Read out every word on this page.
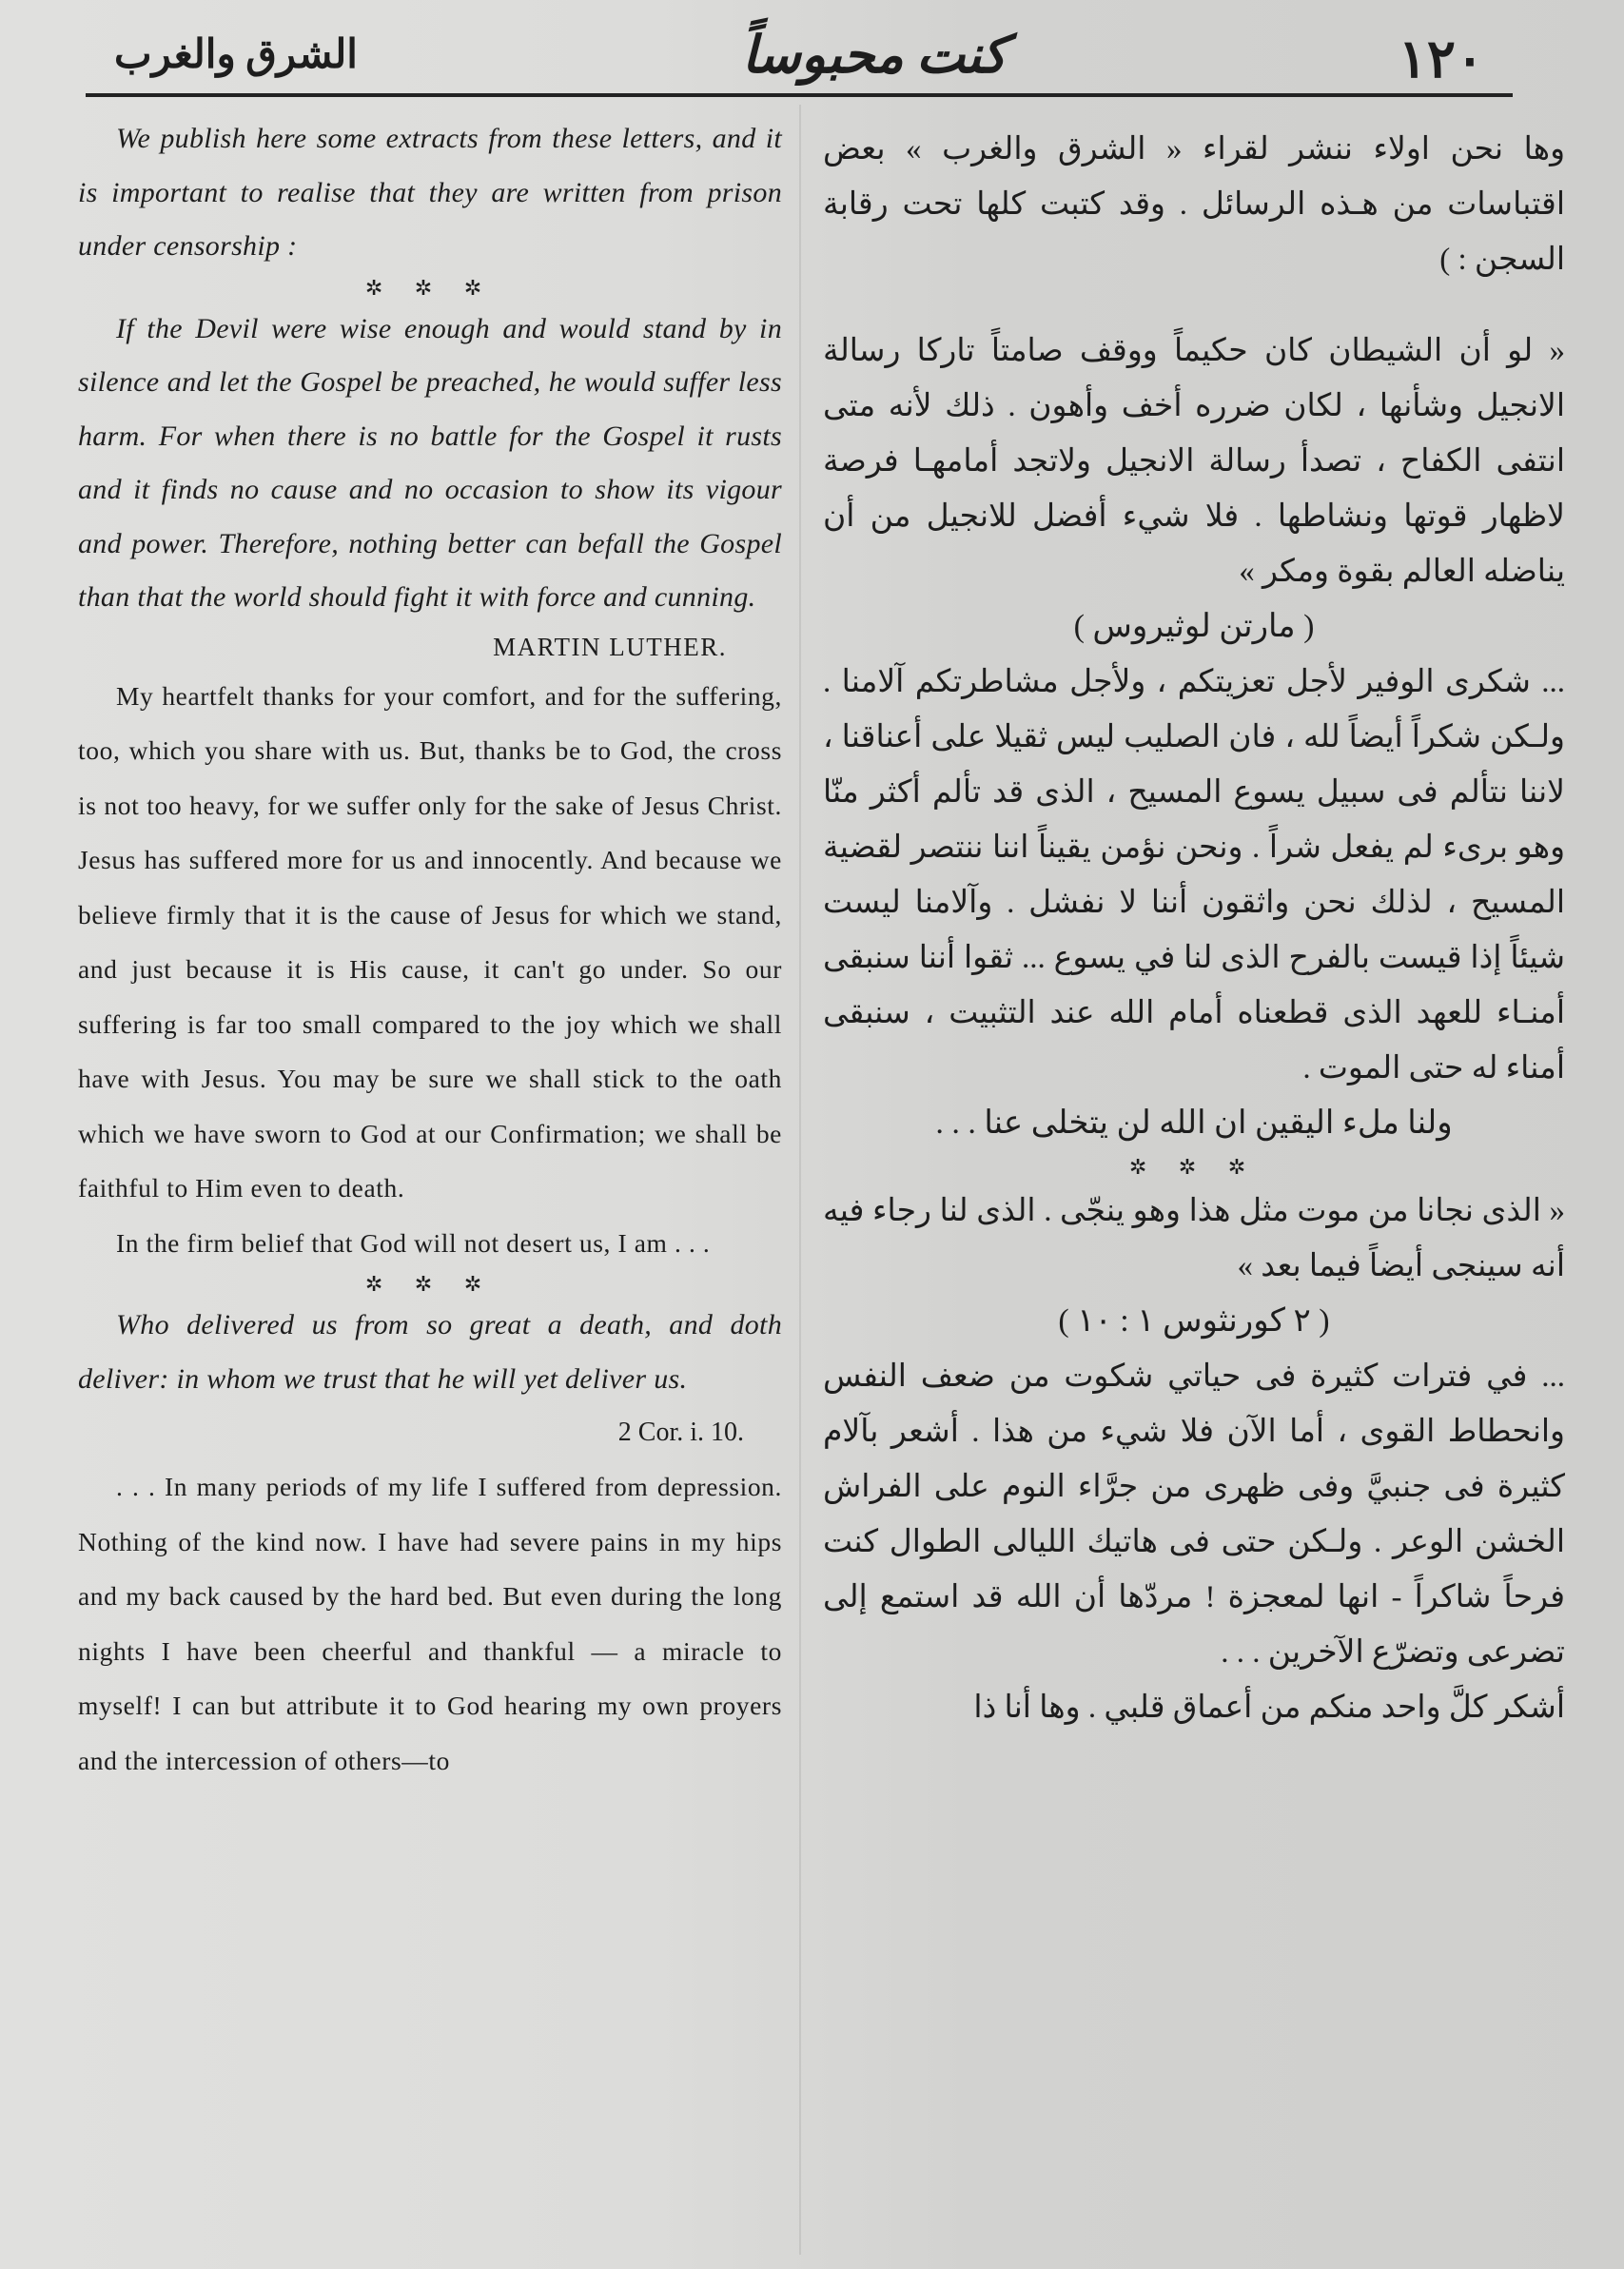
الشرق والغرب	كنت محبوساً	١٢٠

We publish here some extracts from these letters, and it is important to realise that they are written from prison under censorship :

✲ ✲ ✲

If the Devil were wise enough and would stand by in silence and let the Gospel be preached, he would suffer less harm. For when there is no battle for the Gospel it rusts and it finds no cause and no occasion to show its vigour and power. Therefore, nothing better can befall the Gospel than that the world should fight it with force and cunning.

MARTIN LUTHER.

My heartfelt thanks for your comfort, and for the suffering, too, which you share with us. But, thanks be to God, the cross is not too heavy, for we suffer only for the sake of Jesus Christ. Jesus has suffered more for us and innocently. And because we believe firmly that it is the cause of Jesus for which we stand, and just because it is His cause, it can't go under. So our suffering is far too small compared to the joy which we shall have with Jesus. You may be sure we shall stick to the oath which we have sworn to God at our Confirmation; we shall be faithful to Him even to death.

In the firm belief that God will not desert us, I am . . .

✲ ✲ ✲

Who delivered us from so great a death, and doth deliver: in whom we trust that he will yet deliver us.

2 Cor. i. 10.

. . . In many periods of my life I suffered from depression. Nothing of the kind now. I have had severe pains in my hips and my back caused by the hard bed. But even during the long nights I have been cheerful and thankful — a miracle to myself! I can but attribute it to God hearing my own proyers and the intercession of others—to

وها نحن اولاء ننشر لقراء « الشرق والغرب » بعض اقتباسات من هـذه الرسائل . وقد كتبت كلها تحت رقابة السجن : )

« لو أن الشيطان كان حكيماً ووقف صامتاً تاركا رسالة الانجيل وشأنها ، لكان ضرره أخف وأهون . ذلك لأنه متى انتفى الكفاح ، تصدأ رسالة الانجيل ولاتجد أمامهـا فرصة لاظهار قوتها ونشاطها . فلا شيء أفضل للانجيل من أن يناضله العالم بقوة ومكر »

( مارتن لوثيروس )

... شكرى الوفير لأجل تعزيتكم ، ولأجل مشاطرتكم آلامنا . ولـكن شكراً أيضاً لله ، فان الصليب ليس ثقيلا على أعناقنا ، لاننا نتألم فى سبيل يسوع المسيح ، الذى قد تألم أكثر منّا وهو برىء لم يفعل شراً . ونحن نؤمن يقيناً اننا ننتصر لقضية المسيح ، لذلك نحن واثقون أننا لا نفشل . وآلامنا ليست شيئاً إذا قيست بالفرح الذى لنا في يسوع ... ثقوا أننا سنبقى أمنـاء للعهد الذى قطعناه أمام الله عند التثبيت ، سنبقى أمناء له حتى الموت .

ولنا ملء اليقين ان الله لن يتخلى عنا . . .

✲ ✲ ✲

« الذى نجانا من موت مثل هذا وهو ينجّى . الذى لنا رجاء فيه أنه سينجى أيضاً فيما بعد »

( ٢ كورنثوس ١ : ١٠ )

... في فترات كثيرة فى حياتي شكوت من ضعف النفس وانحطاط القوى ، أما الآن فلا شيء من هذا . أشعر بآلام كثيرة فى جنبيَّ وفى ظهرى من جرَّاء النوم على الفراش الخشن الوعر . ولـكن حتى فى هاتيك الليالى الطوال كنت فرحاً شاكراً - انها لمعجزة ! مردّها أن الله قد استمع إلى تضرعى وتضرّع الآخرين . . .

أشكر كلَّ واحد منكم من أعماق قلبي . وها أنا ذا
